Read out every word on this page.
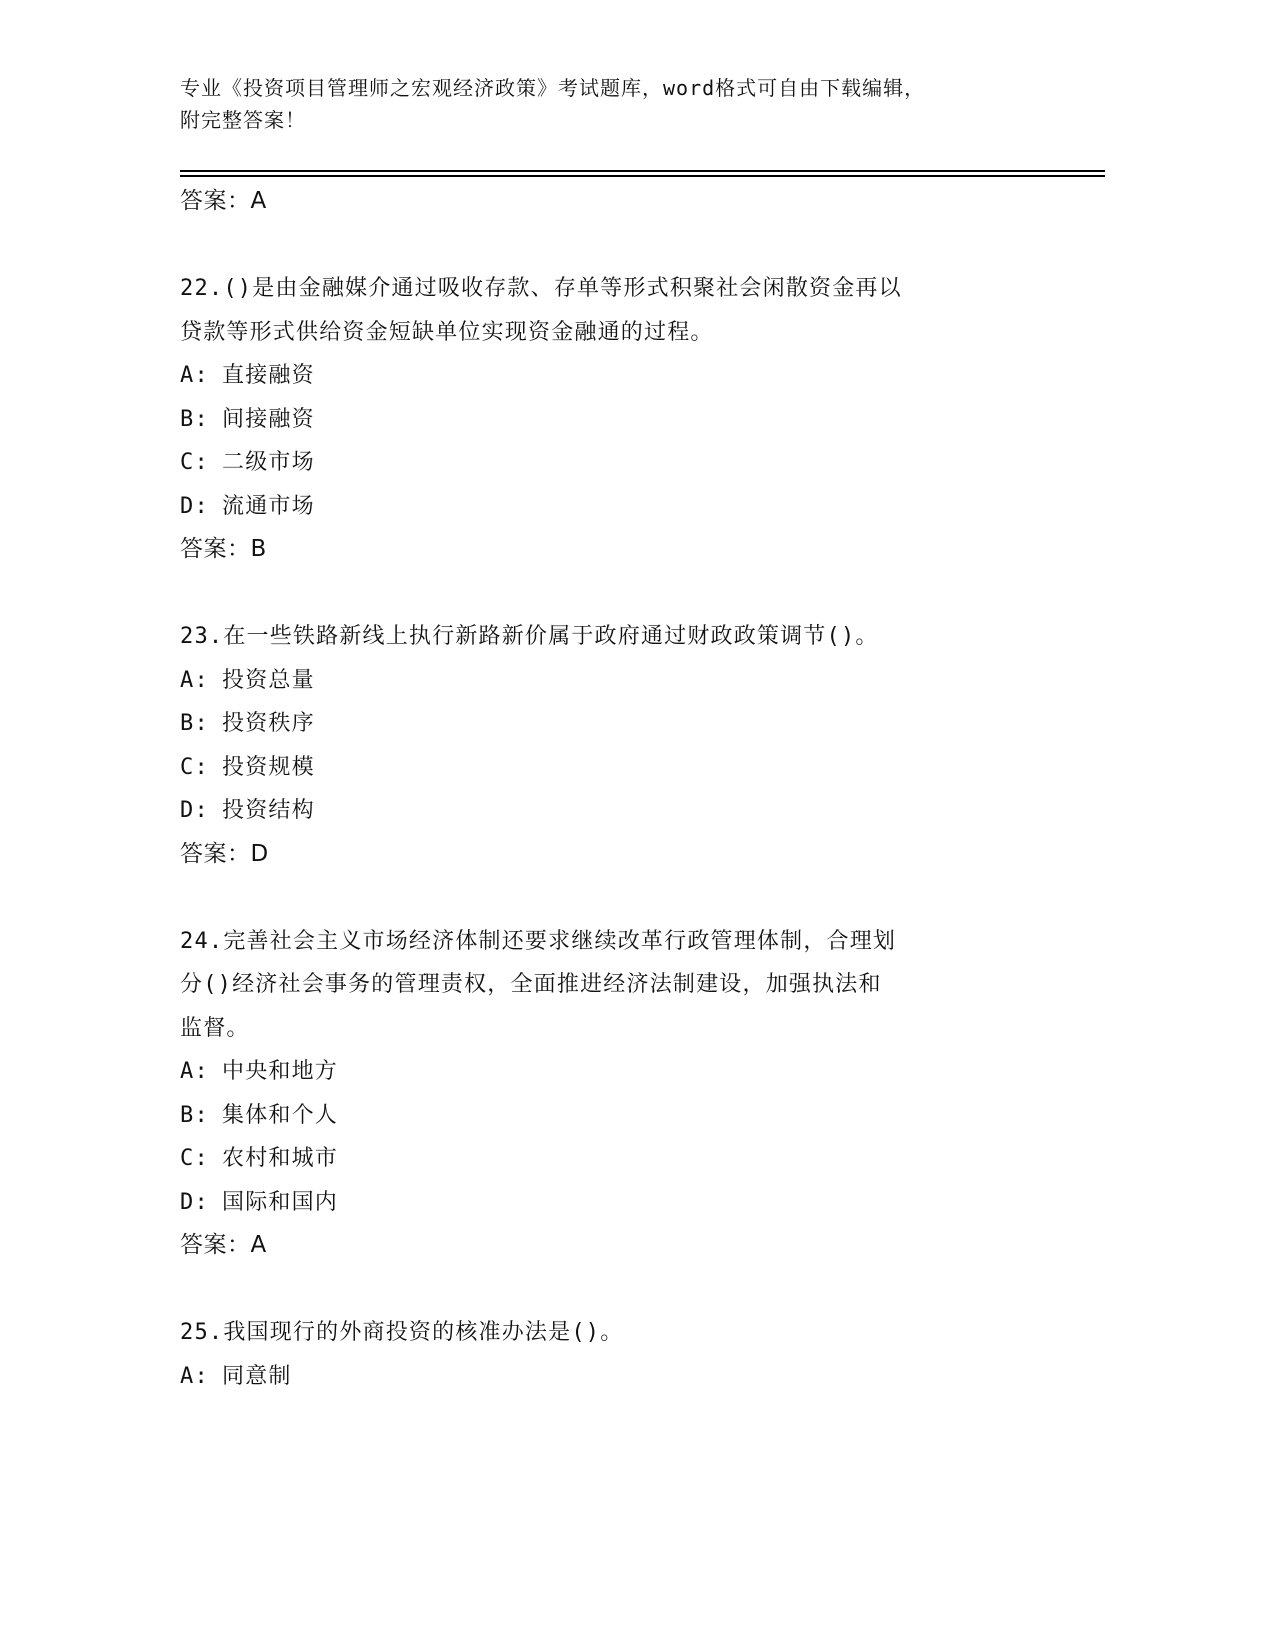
专业《投资项目管理师之宏观经济政策》考试题库，word格式可自由下载编辑，
附完整答案！
答案：A
22.()是由金融媒介通过吸收存款、存单等形式积聚社会闲散资金再以
贷款等形式供给资金短缺单位实现资金融通的过程。
A: 直接融资
B: 间接融资
C: 二级市场
D: 流通市场
答案：B
23.在一些铁路新线上执行新路新价属于政府通过财政政策调节()。
A: 投资总量
B: 投资秩序
C: 投资规模
D: 投资结构
答案：D
24.完善社会主义市场经济体制还要求继续改革行政管理体制，合理划
分()经济社会事务的管理责权，全面推进经济法制建设，加强执法和
监督。
A: 中央和地方
B: 集体和个人
C: 农村和城市
D: 国际和国内
答案：A
25.我国现行的外商投资的核准办法是()。
A: 同意制
